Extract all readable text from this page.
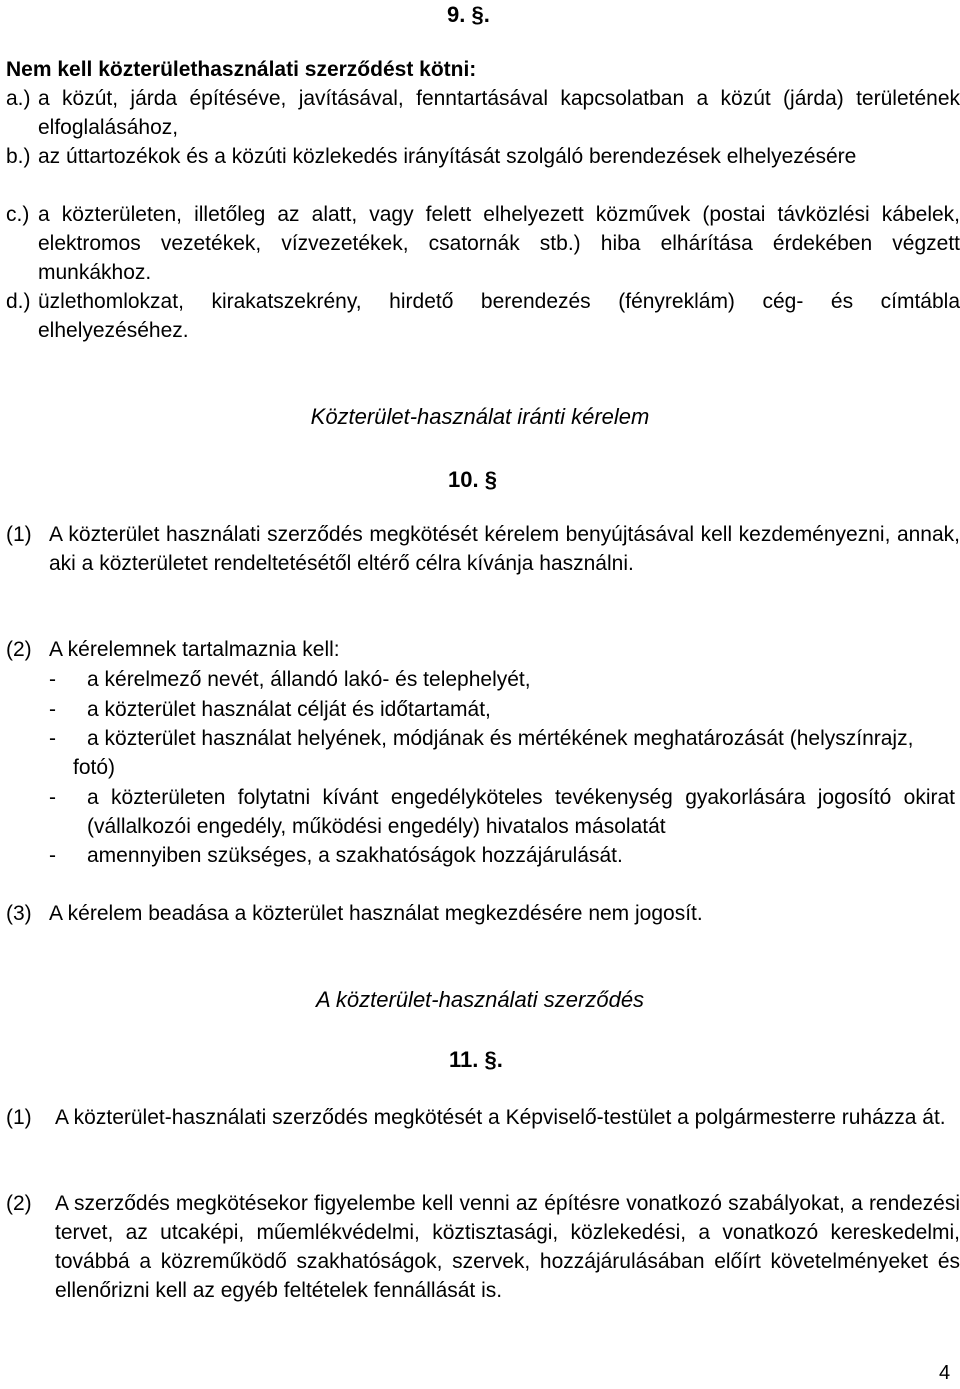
9. §.
Nem kell közterülethasználati szerződést kötni:
a.) a közút, járda építéséve, javításával, fenntartásával kapcsolatban a közút (járda) területének elfoglalásához,
b.) az úttartozékok és a közúti közlekedés irányítását szolgáló berendezések elhelyezésére
c.) a közterületen, illetőleg az alatt, vagy felett elhelyezett közművek (postai távközlési kábelek, elektromos vezetékek, vízvezetékek, csatornák stb.) hiba elhárítása érdekében végzett munkákhoz.
d.) üzlethomlokzat, kirakatszekrény, hirdető berendezés (fényreklám) cég- és címtábla elhelyezéséhez.
Közterület-használat iránti kérelem
10. §
(1) A közterület használati szerződés megkötését kérelem benyújtásával kell kezdeményezni, annak, aki a közterületet rendeltetésétől eltérő célra kívánja használni.
(2) A kérelemnek tartalmaznia kell:
- a kérelmező nevét, állandó lakó- és telephelyét,
- a közterület használat célját és időtartamát,
-	a közterület használat helyének, módjának és mértékének meghatározását (helyszínrajz, fotó)
- a közterületen folytatni kívánt engedélyköteles tevékenység gyakorlására jogosító okirat (vállalkozói engedély, működési engedély) hivatalos másolatát
- amennyiben szükséges, a szakhatóságok hozzájárulását.
(3) A kérelem beadása a közterület használat megkezdésére nem jogosít.
A közterület-használati szerződés
11. §.
(1) A közterület-használati szerződés megkötését a Képviselő-testület a polgármesterre ruházza át.
(2) A szerződés megkötésekor figyelembe kell venni az építésre vonatkozó szabályokat, a rendezési tervet, az utcaképi, műemlékvédelmi, köztisztasági, közlekedési, a vonatkozó kereskedelmi, továbbá a közreműködő szakhatóságok, szervek, hozzájárulásában előírt követelményeket és ellenőrizni kell az egyéb feltételek fennállását is.
4
